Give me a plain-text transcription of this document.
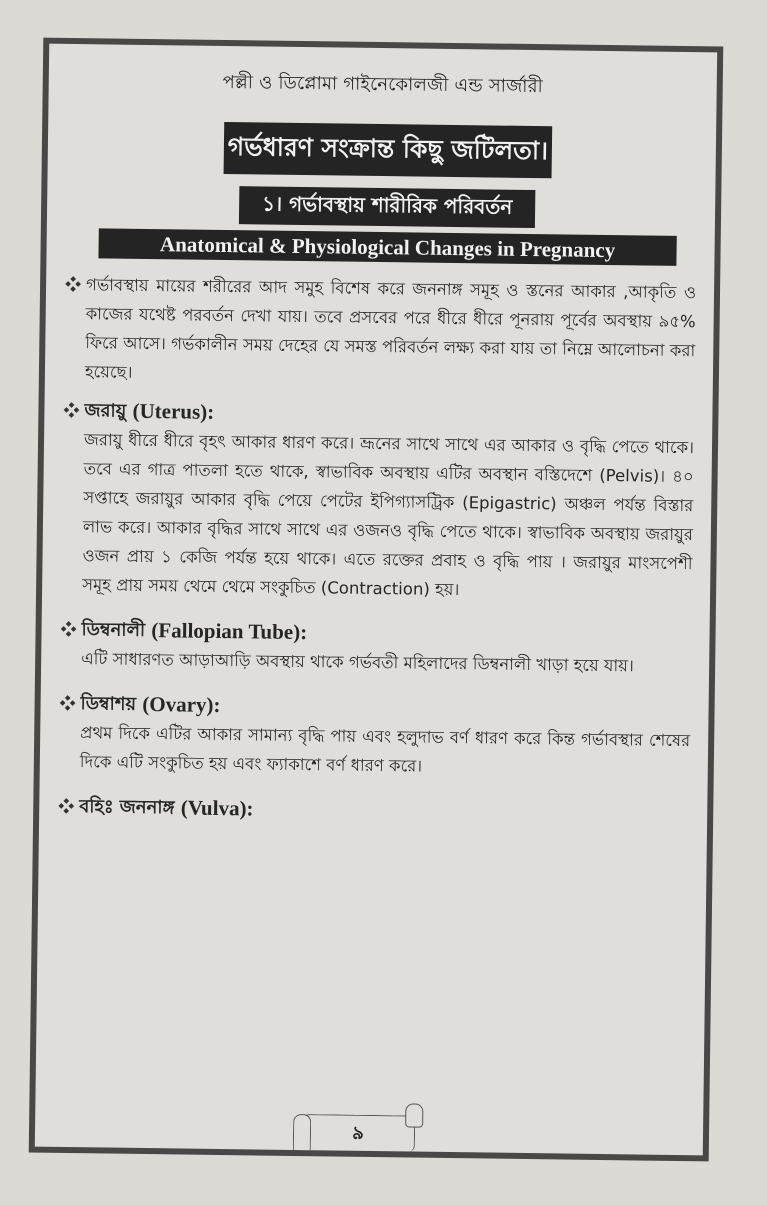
পল্লী ও ডিপ্লোমা গাইনেকোলজী এন্ড সার্জারী
গর্ভধারণ সংক্রান্ত কিছু জটিলতা।
১। গর্ভাবস্থায় শারীরিক পরিবর্তন
Anatomical & Physiological Changes in Pregnancy
গর্ভাবস্থায় মায়ের শরীরের আদ সমুহ বিশেষ করে জননাঙ্গ সমূহ ও স্তনের আকার ,আকৃতি ও কাজের যথেষ্ট পরবর্তন দেখা যায়। তবে প্রসবের পরে ধীরে ধীরে পূনরায় পূর্বের অবস্থায় ৯৫% ফিরে আসে। গর্ভকালীন সময় দেহের যে সমস্ত পরিবর্তন লক্ষ্য করা যায় তা নিম্নে আলোচনা করা হয়েছে।
জরায়ু
(Uterus):
জরায়ু ধীরে ধীরে বৃহৎ আকার ধারণ করে। ভ্রূনের সাথে সাথে এর আকার ও বৃদ্ধি পেতে থাকে। তবে এর গাত্র পাতলা হতে থাকে, স্বাভাবিক অবস্থায় এটির অবস্থান বস্তিদেশে (Pelvis)। ৪০ সপ্তাহে জরায়ুর আকার বৃদ্ধি পেয়ে পেটের ইপিগ্যাসট্রিক (Epigastric) অঞ্চল পর্যন্ত বিস্তার লাভ করে। আকার বৃদ্ধির সাথে সাথে এর ওজনও বৃদ্ধি পেতে থাকে। স্বাভাবিক অবস্থায় জরায়ুর ওজন প্রায় ১ কেজি পর্যন্ত হয়ে থাকে। এতে রক্তের প্রবাহ ও বৃদ্ধি পায় । জরায়ুর মাংসপেশী সমূহ প্রায় সময় থেমে থেমে সংকুচিত (Contraction) হয়।
ডিম্বনালী
(Fallopian Tube):
এটি সাধারণত আড়াআড়ি অবস্থায় থাকে গর্ভবতী মহিলাদের ডিম্বনালী খাড়া হয়ে যায়।
ডিম্বাশয়
(Ovary):
প্রথম দিকে এটির আকার সামান্য বৃদ্ধি পায় এবং হলুদাভ বর্ণ ধারণ করে কিন্ত গর্ভাবস্থার শেষের দিকে এটি সংকুচিত হয় এবং ফ্যাকাশে বর্ণ ধারণ করে।
বহিঃ জননাঙ্গ
(Vulva):
৯
